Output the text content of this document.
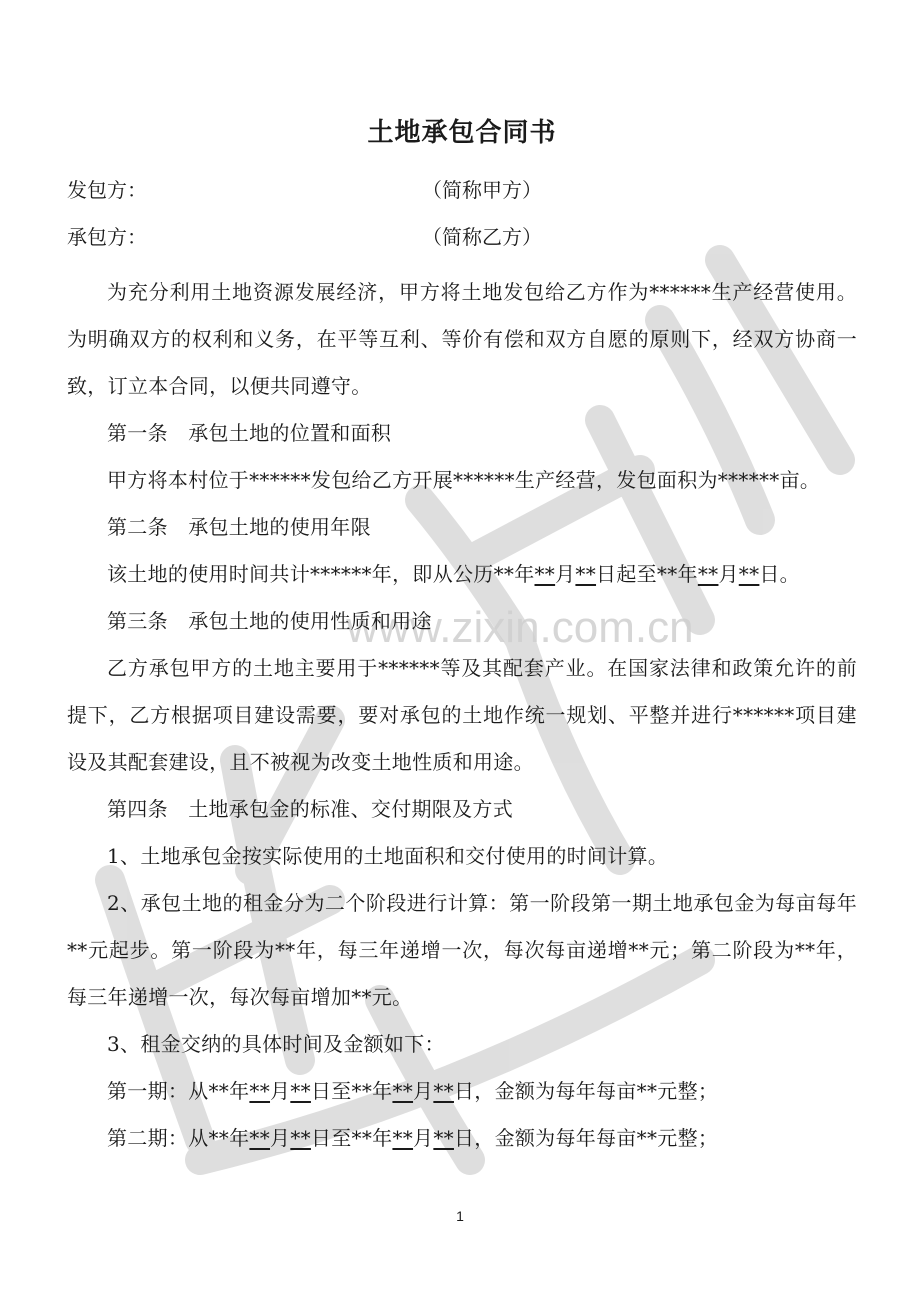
www.zixin.com.cn
土地承包合同书
发包方：	（简称甲方）
承包方：	（简称乙方）

为充分利用土地资源发展经济，甲方将土地发包给乙方作为******生产经营使用。为明确双方的权利和义务，在平等互利、等价有偿和双方自愿的原则下，经双方协商一致，订立本合同，以便共同遵守。

第一条　承包土地的位置和面积

甲方将本村位于******发包给乙方开展******生产经营，发包面积为******亩。

第二条　承包土地的使用年限

该土地的使用时间共计******年，即从公历**年**月**日起至**年**月**日。

第三条　承包土地的使用性质和用途

乙方承包甲方的土地主要用于******等及其配套产业。在国家法律和政策允许的前提下，乙方根据项目建设需要，要对承包的土地作统一规划、平整并进行******项目建设及其配套建设，且不被视为改变土地性质和用途。

第四条　土地承包金的标准、交付期限及方式

1、土地承包金按实际使用的土地面积和交付使用的时间计算。

2、承包土地的租金分为二个阶段进行计算：第一阶段第一期土地承包金为每亩每年**元起步。第一阶段为**年，每三年递增一次，每次每亩递增**元；第二阶段为**年，每三年递增一次，每次每亩增加**元。

3、租金交纳的具体时间及金额如下：

第一期：从**年**月**日至**年**月**日，金额为每年每亩**元整；

第二期：从**年**月**日至**年**月**日，金额为每年每亩**元整；

1
